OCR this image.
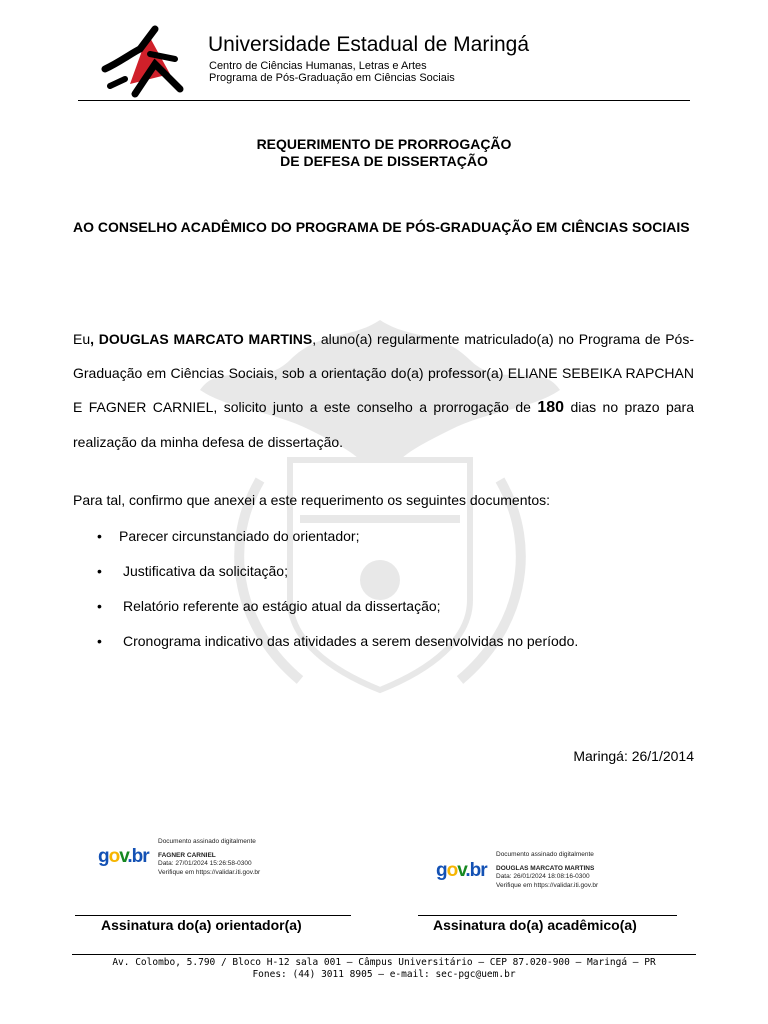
Universidade Estadual de Maringá
Centro de Ciências Humanas, Letras e Artes
Programa de Pós-Graduação em Ciências Sociais
REQUERIMENTO DE PRORROGAÇÃO
DE DEFESA DE DISSERTAÇÃO
AO CONSELHO ACADÊMICO DO PROGRAMA DE PÓS-GRADUAÇÃO EM CIÊNCIAS SOCIAIS
Eu, DOUGLAS MARCATO MARTINS, aluno(a) regularmente matriculado(a) no Programa de Pós-Graduação em Ciências Sociais, sob a orientação do(a) professor(a) ELIANE SEBEIKA RAPCHAN E FAGNER CARNIEL, solicito junto a este conselho a prorrogação de 180 dias no prazo para realização da minha defesa de dissertação.
Para tal, confirmo que anexei a este requerimento os seguintes documentos:
• Parecer circunstanciado do orientador;
• Justificativa da solicitação;
• Relatório referente ao estágio atual da dissertação;
• Cronograma indicativo das atividades a serem desenvolvidas no período.
Maringá: 26/1/2014
gov.br
Documento assinado digitalmente
FAGNER CARNIEL
Data: 27/01/2024 15:26:58-0300
Verifique em https://validar.iti.gov.br	gov.br
Documento assinado digitalmente
DOUGLAS MARCATO MARTINS
Data: 26/01/2024 18:08:16-0300
Verifique em https://validar.iti.gov.br
Assinatura do(a) orientador(a)	Assinatura do(a) acadêmico(a)
Av. Colombo, 5.790 / Bloco H-12 sala 001 – Câmpus Universitário – CEP 87.020-900 – Maringá – PR
Fones: (44) 3011 8905 – e-mail: sec-pgc@uem.br
